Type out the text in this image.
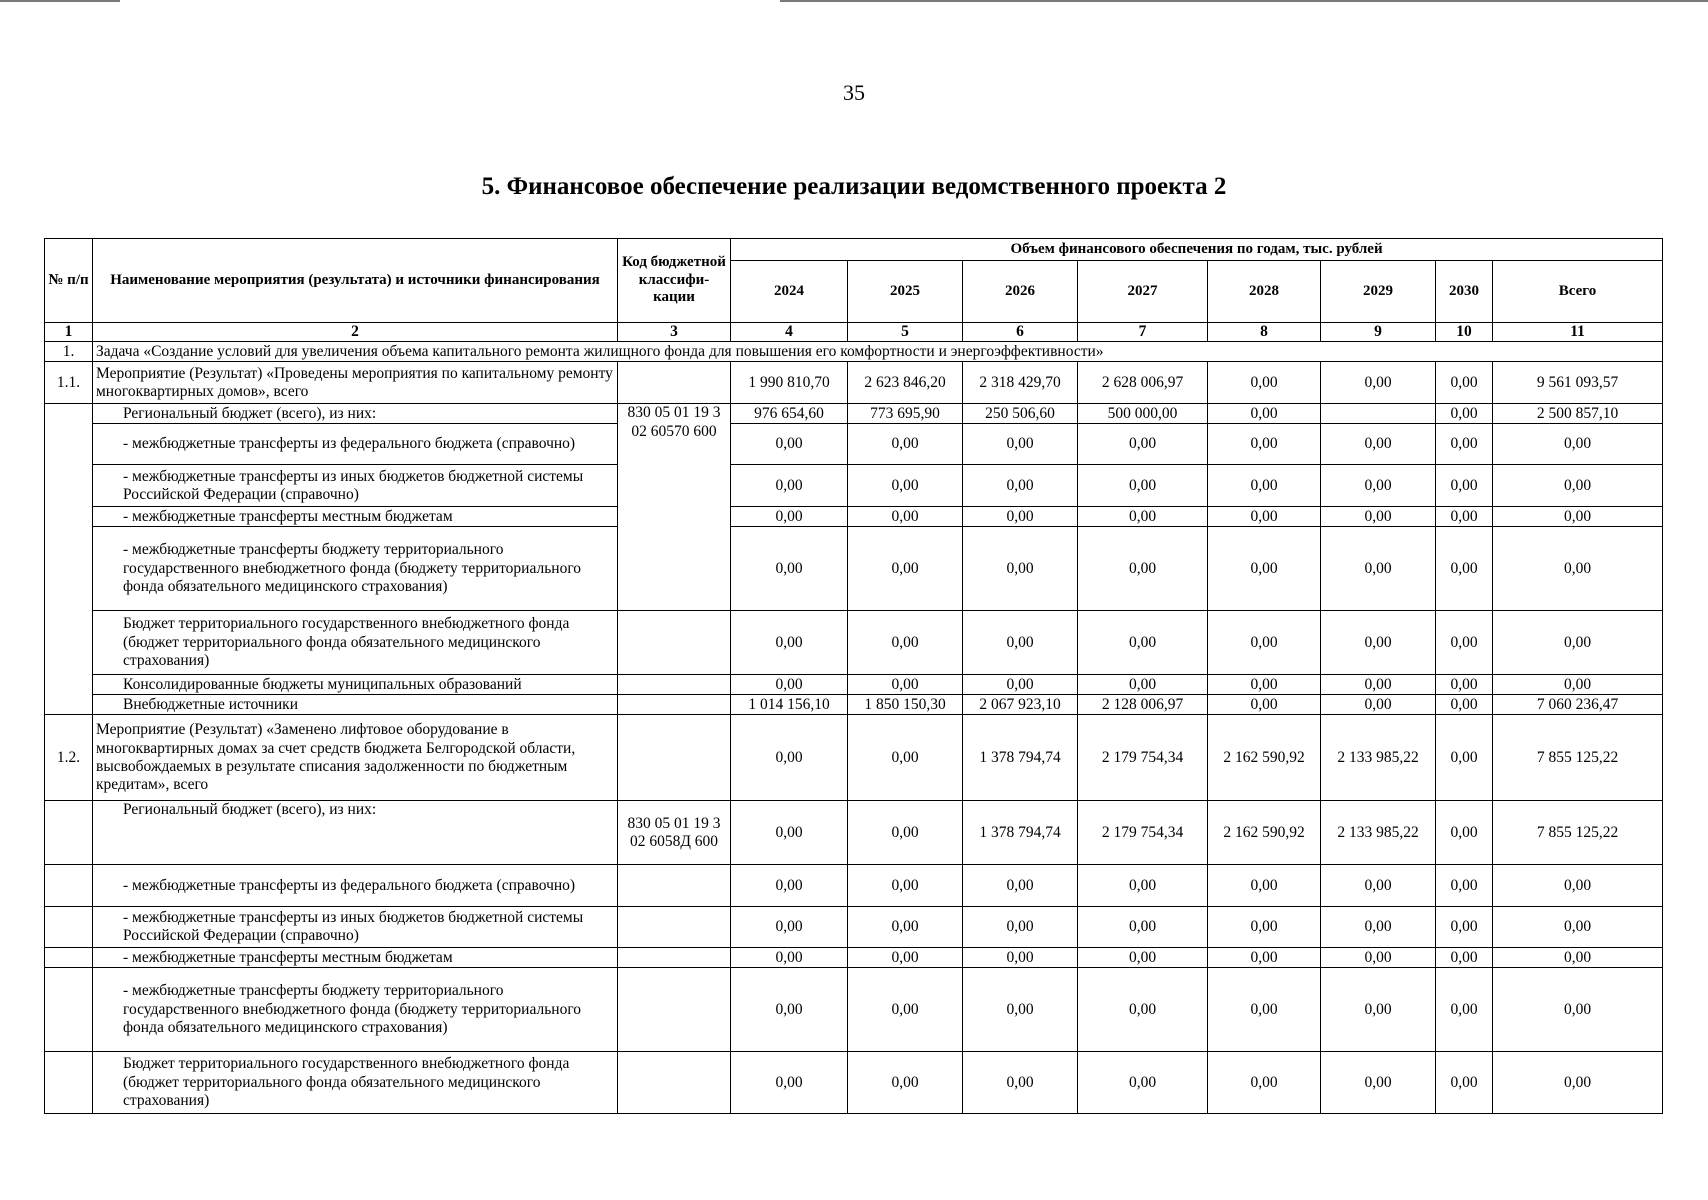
35
5. Финансовое обеспечение реализации ведомственного проекта 2
№ п/п	Наименование мероприятия (результата) и источники финансирования	Код бюджетной классифи-кации	Объем финансового обеспечения по годам, тыс. рублей							
			2024	2025	2026	2027	2028	2029	2030	Всего
1	2	3	4	5	6	7	8	9	10	11
1.	Задача «Создание условий для увеличения объема капитального ремонта жилищного фонда для повышения его комфортности и энергоэффективности»									
1.1.	Мероприятие (Результат) «Проведены мероприятия по капитальному ремонту многоквартирных домов», всего		1 990 810,70	2 623 846,20	2 318 429,70	2 628 006,97	0,00	0,00	0,00	9 561 093,57
	Региональный бюджет (всего), из них:	830 05 01 19 3 02 60570 600	976 654,60	773 695,90	250 506,60	500 000,00	0,00		0,00	2 500 857,10
	- межбюджетные трансферты из федерального бюджета (справочно)		0,00	0,00	0,00	0,00	0,00	0,00	0,00	0,00
	- межбюджетные трансферты из иных бюджетов бюджетной системы Российской Федерации (справочно)		0,00	0,00	0,00	0,00	0,00	0,00	0,00	0,00
	- межбюджетные трансферты местным бюджетам		0,00	0,00	0,00	0,00	0,00	0,00	0,00	0,00
	- межбюджетные трансферты бюджету территориального государственного внебюджетного фонда (бюджету территориального фонда обязательного медицинского страхования)		0,00	0,00	0,00	0,00	0,00	0,00	0,00	0,00
	Бюджет территориального государственного внебюджетного фонда (бюджет территориального фонда обязательного медицинского страхования)		0,00	0,00	0,00	0,00	0,00	0,00	0,00	0,00
	Консолидированные бюджеты муниципальных образований		0,00	0,00	0,00	0,00	0,00	0,00	0,00	0,00
	Внебюджетные источники		1 014 156,10	1 850 150,30	2 067 923,10	2 128 006,97	0,00	0,00	0,00	7 060 236,47
1.2.	Мероприятие (Результат) «Заменено лифтовое оборудование в многоквартирных домах за счет средств бюджета Белгородской области, высвобождаемых в результате списания задолженности по бюджетным кредитам», всего		0,00	0,00	1 378 794,74	2 179 754,34	2 162 590,92	2 133 985,22	0,00	7 855 125,22
	Региональный бюджет (всего), из них:	830 05 01 19 3 02 6058Д 600	0,00	0,00	1 378 794,74	2 179 754,34	2 162 590,92	2 133 985,22	0,00	7 855 125,22
	- межбюджетные трансферты из федерального бюджета (справочно)		0,00	0,00	0,00	0,00	0,00	0,00	0,00	0,00
	- межбюджетные трансферты из иных бюджетов бюджетной системы Российской Федерации (справочно)		0,00	0,00	0,00	0,00	0,00	0,00	0,00	0,00
	- межбюджетные трансферты местным бюджетам		0,00	0,00	0,00	0,00	0,00	0,00	0,00	0,00
	- межбюджетные трансферты бюджету территориального государственного внебюджетного фонда (бюджету территориального фонда обязательного медицинского страхования)		0,00	0,00	0,00	0,00	0,00	0,00	0,00	0,00
	Бюджет территориального государственного внебюджетного фонда (бюджет территориального фонда обязательного медицинского страхования)		0,00	0,00	0,00	0,00	0,00	0,00	0,00	0,00
